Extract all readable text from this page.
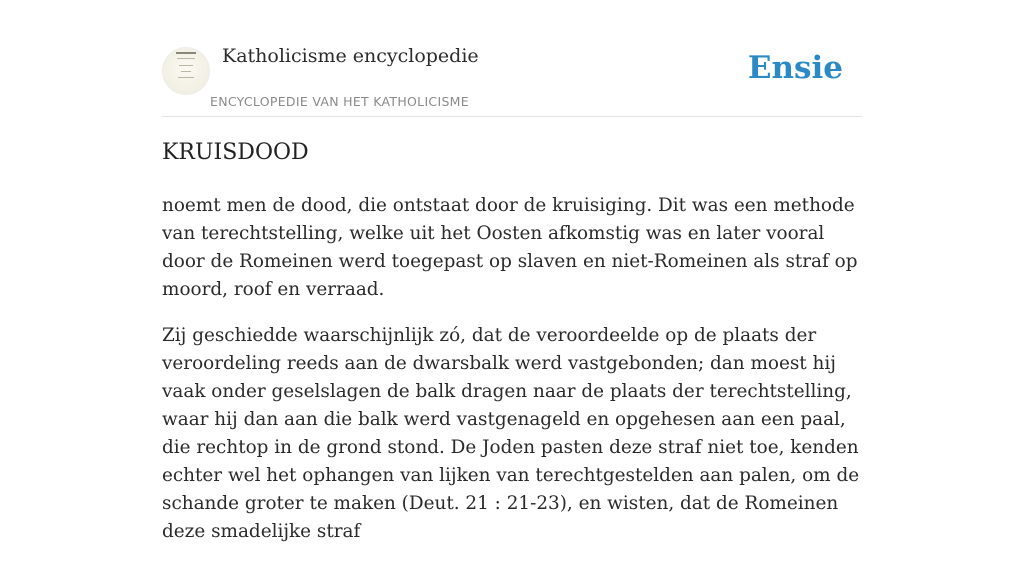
Katholicisme encyclopedie
ENCYCLOPEDIE VAN HET KATHOLICISME
Ensie
KRUISDOOD

noemt men de dood, die ontstaat door de kruisiging. Dit was een methode van terechtstelling, welke uit het Oosten afkomstig was en later vooral door de Romeinen werd toegepast op slaven en niet-Romeinen als straf op moord, roof en verraad.

Zij geschiedde waarschijnlijk zó, dat de veroordeelde op de plaats der veroordeling reeds aan de dwarsbalk werd vastgebonden; dan moest hij vaak onder geselslagen de balk dragen naar de plaats der terechtstelling, waar hij dan aan die balk werd vastgenageld en opgehesen aan een paal, die rechtop in de grond stond. De Joden pasten deze straf niet toe, kenden echter wel het ophangen van lijken van terechtgestelden aan palen, om de schande groter te maken (Deut. 21 : 21-23), en wisten, dat de Romeinen deze smadelijke straf
